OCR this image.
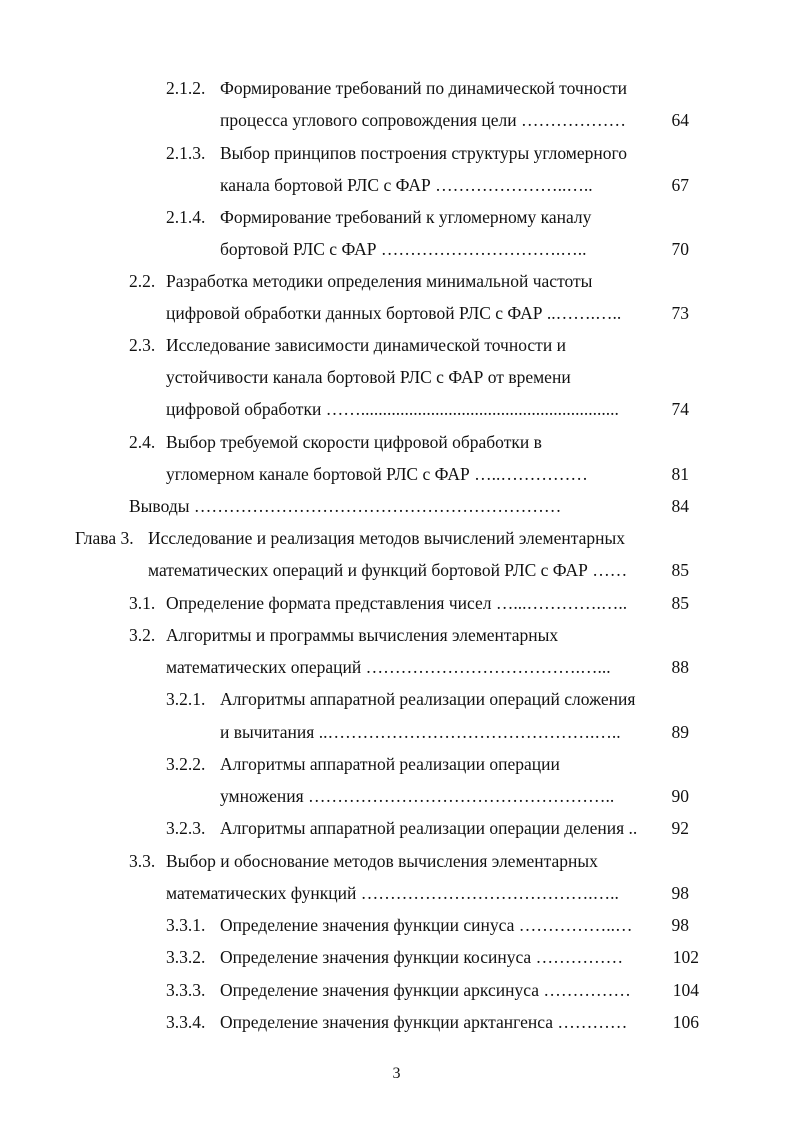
2.1.2. Формирование требований по динамической точности
процесса углового сопровождения цели ………………	64
2.1.3. Выбор принципов построения структуры угломерного
канала бортовой РЛС с ФАР …………………..…..	67
2.1.4. Формирование требований к угломерному каналу
бортовой РЛС с ФАР ………………………….…..	70
2.2. Разработка методики определения минимальной частоты
цифровой обработки данных бортовой РЛС с ФАР ..…….…..	73
2.3. Исследование зависимости динамической точности и
устойчивости канала бортовой РЛС с ФАР от времени
цифровой обработки ……...........................................................	74
2.4. Выбор требуемой скорости цифровой обработки в
угломерном канале бортовой РЛС с ФАР …..……………	81
Выводы ………………………………………………………	84
Глава 3. Исследование и реализация методов вычислений элементарных
математических операций и функций бортовой РЛС с ФАР ……	85
3.1. Определение формата представления чисел …...………….…..	85
3.2. Алгоритмы и программы вычисления элементарных
математических операций ……………………………….…...	88
3.2.1. Алгоритмы аппаратной реализации операций сложения
и вычитания ..……………………………………….…..	89
3.2.2. Алгоритмы аппаратной реализации операции
умножения ……………………………………………..	90
3.2.3. Алгоритмы аппаратной реализации операции деления .. 92
3.3. Выбор и обоснование методов вычисления элементарных
математических функций ………………………………….…..	98
3.3.1. Определение значения функции синуса ……………..… 98
3.3.2. Определение значения функции косинуса ……………	102
3.3.3. Определение значения функции арксинуса …………… 104
3.3.4. Определение значения функции арктангенса …………	106
3
